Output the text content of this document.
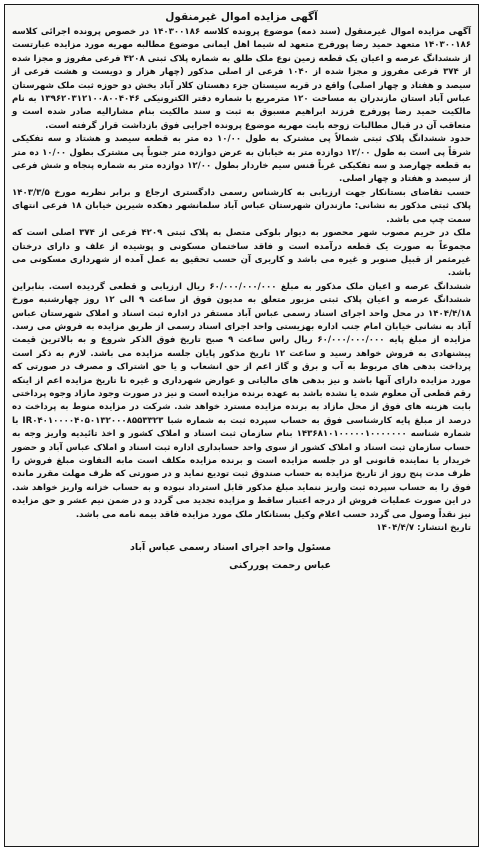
آگهی مزایده اموال غیرمنقول

آگهی مزایده اموال غیرمنقول (سند ذمه) موضوع پرونده کلاسه ۱۴۰۳۰۰۱۸۶ در خصوص پرونده اجرائی کلاسه ۱۴۰۳۰۰۱۸۶ متعهد حمید رضا پورفرج متعهد له شیما اهل ایمانی موضوع مطالبه مهریه مورد مزایده عبارتست از ششدانگ عرصه و اعیان یک قطعه زمین نوع ملک طلق به شماره پلاک ثبتی ۴۲۰۸ فرعی مفروز و مجزا شده از ۳۷۴ فرعی مفروز و مجزا شده از ۱۰۴۰ فرعی از اصلی مذکور (چهار هزار و دویست و هشت فرعی از سیصد و هفتاد و چهار اصلی) واقع در قریه سیستان جزء دهستان کلار آباد بخش دو حوزه ثبت ملک شهرستان عباس آباد استان مازندران به مساحت ۱۲۰ مترمربع با شماره دفتر الکترونیکی ۱۳۹۶۲۰۳۱۲۱۰۰۸۰۰۴۰۴۶ به نام مالکیت حمید رضا پورفرج فرزند ابراهیم مسبوق به ثبت و سند مالکیت بنام مشارالیه صادر شده است و متعاقب آن در قبال مطالبات زوجه بابت مهریه موضوع پرونده اجرایی فوق بازداشت قرار گرفته است.

حدود ششدانگ پلاک ثبتی شمالاً پی مشترک به طول ۱۰/۰۰ ده متر به قطعه سیصد و هشتاد و سه تفکیکی شرقاً پی است به طول ۱۲/۰۰ دوازده متر به خیابان به عرض دوازده متر جنوباً پی مشترک بطول ۱۰/۰۰ ده متر به قطعه چهارصد و سه تفکیکی غرباً فنس سیم خاردار بطول ۱۲/۰۰ دوازده متر به شماره پنجاه و شش فرعی از سیصد و هفتاد و چهار اصلی.

حسب تقاضای بستانکار جهت ارزیابی به کارشناس رسمی دادگستری ارجاع و برابر نظریه مورخ ۱۴۰۳/۳/۵ پلاک ثبتی مذکور به نشانی: مازندران شهرستان عباس آباد سلمانشهر دهکده شیرین خیابان ۱۸ فرعی انتهای سمت چپ می باشد.

ملک در حریم مصوب شهر محصور به دیوار بلوکی متصل به پلاک ثبتی ۴۲۰۹ فرعی از ۳۷۴ اصلی است که مجموعاً به صورت یک قطعه درآمده است و فاقد ساختمان مسکونی و پوشیده از علف و دارای درختان غیرمثمر از قبیل صنوبر و غیره می باشد و کاربری آن حسب تحقیق به عمل آمده از شهرداری مسکونی می باشد.

ششدانگ عرصه و اعیان ملک مذکور به مبلغ ۶۰/۰۰۰/۰۰۰/۰۰۰ ریال ارزیابی و قطعی گردیده است. بنابراین ششدانگ عرصه و اعیان پلاک ثبتی مزبور متعلق به مدیون فوق از ساعت ۹ الی ۱۲ روز چهارشنبه مورخ ۱۴۰۴/۴/۱۸ در محل واحد اجرای اسناد رسمی عباس آباد مستقر در اداره ثبت اسناد و املاک شهرستان عباس آباد به نشانی خیابان امام جنب اداره بهزیستی واحد اجرای اسناد رسمی از طریق مزایده به فروش می رسد. مزایده از مبلغ پایه ۶۰/۰۰۰/۰۰۰/۰۰۰ ریال راس ساعت ۹ صبح تاریخ فوق الذکر شروع و به بالاترین قیمت پیشنهادی به فروش خواهد رسید و ساعت ۱۲ تاریخ مذکور پایان جلسه مزایده می باشد. لازم به ذکر است پرداخت بدهی های مربوط به آب و برق و گاز اعم از حق انشعاب و یا حق اشتراک و مصرف در صورتی که مورد مزایده دارای آنها باشد و نیز بدهی های مالیاتی و عوارض شهرداری و غیره تا تاریخ مزایده اعم از اینکه رقم قطعی آن معلوم شده یا نشده باشد به عهده برنده مزایده است و نیز در صورت وجود مازاد وجوه پرداختی بابت هزینه های فوق از محل مازاد به برنده مزایده مسترد خواهد شد. شرکت در مزایده منوط به پرداخت ده درصد از مبلغ پایه کارشناسی فوق به حساب سپرده ثبت به شماره شبا IR۰۴۰۱۰۰۰۰۴۰۵۰۱۳۲۰۰۰۸۵۵۳۳۲۳ با شماره شناسه ۱۴۳۶۸۱۰۱۰۰۰۰۰۱۰۰۰۰۰۰۰ بنام سازمان ثبت اسناد و املاک کشور و اخذ تائیدیه واریز وجه به حساب سازمان ثبت اسناد و املاک کشور از سوی واحد حسابداری اداره ثبت اسناد و املاک عباس آباد و حضور خریدار یا نماینده قانونی او در جلسه مزایده است و برنده مزایده مکلف است مابه التفاوت مبلغ فروش را ظرف مدت پنج روز از تاریخ مزایده به حساب صندوق ثبت تودیع نماید و در صورتی که ظرف مهلت مقرر مانده فوق را به حساب سپرده ثبت واریز ننماید مبلغ مذکور قابل استرداد نبوده و به حساب خزانه واریز خواهد شد. در این صورت عملیات فروش از درجه اعتبار ساقط و مزایده تجدید می گردد و در ضمن نیم عشر و حق مزایده نیز نقداً وصول می گردد حسب اعلام وکیل بستانکار ملک مورد مزایده فاقد بیمه نامه می باشد.

تاریخ انتشار: ۱۴۰۴/۴/۷

مسئول واحد اجرای اسناد رسمی عباس آباد
عباس رحمت پوررکنی
